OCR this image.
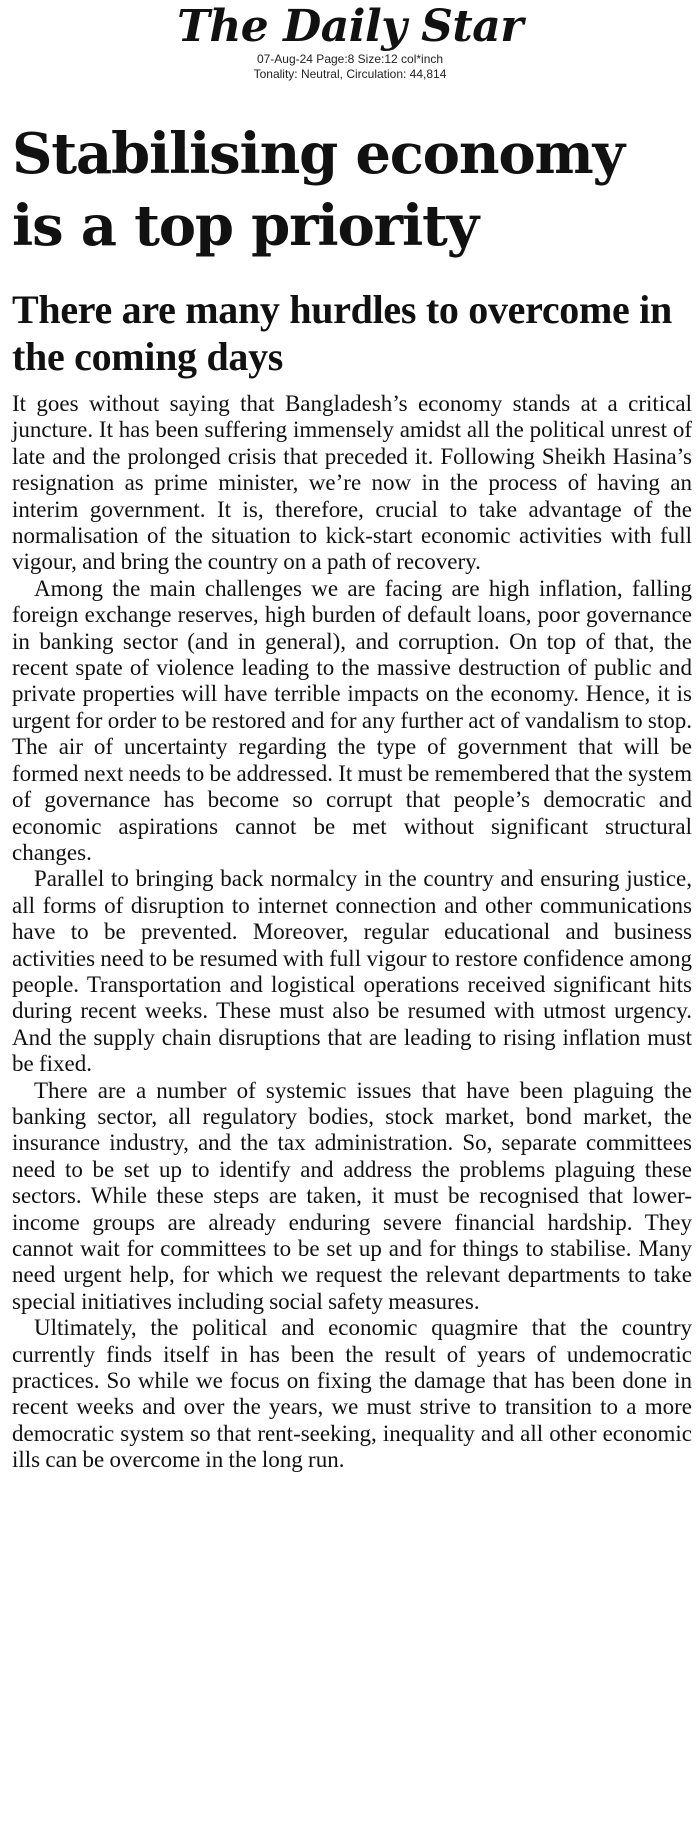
The Daily Star
07-Aug-24 Page:8 Size:12 col*inch
Tonality: Neutral, Circulation: 44,814
Stabilising economy is a top priority
There are many hurdles to overcome in the coming days

It goes without saying that Bangladesh’s economy stands at a critical juncture. It has been suffering immensely amidst all the political unrest of late and the prolonged crisis that preceded it. Following Sheikh Hasina’s resignation as prime minister, we’re now in the process of having an interim government. It is, therefore, crucial to take advantage of the normalisation of the situation to kick-start economic activities with full vigour, and bring the country on a path of recovery.

Among the main challenges we are facing are high inflation, falling foreign exchange reserves, high burden of default loans, poor governance in banking sector (and in general), and corruption. On top of that, the recent spate of violence leading to the massive destruction of public and private properties will have terrible impacts on the economy. Hence, it is urgent for order to be restored and for any further act of vandalism to stop. The air of uncertainty regarding the type of government that will be formed next needs to be addressed. It must be remembered that the system of governance has become so corrupt that people’s democratic and economic aspirations cannot be met without significant structural changes.

Parallel to bringing back normalcy in the country and ensuring justice, all forms of disruption to internet connection and other communications have to be prevented. Moreover, regular educational and business activities need to be resumed with full vigour to restore confidence among people. Transportation and logistical operations received significant hits during recent weeks. These must also be resumed with utmost urgency. And the supply chain disruptions that are leading to rising inflation must be fixed.

There are a number of systemic issues that have been plaguing the banking sector, all regulatory bodies, stock market, bond market, the insurance industry, and the tax administration. So, separate committees need to be set up to identify and address the problems plaguing these sectors. While these steps are taken, it must be recognised that lower-income groups are already enduring severe financial hardship. They cannot wait for committees to be set up and for things to stabilise. Many need urgent help, for which we request the relevant departments to take special initiatives including social safety measures.

Ultimately, the political and economic quagmire that the country currently finds itself in has been the result of years of undemocratic practices. So while we focus on fixing the damage that has been done in recent weeks and over the years, we must strive to transition to a more democratic system so that rent-seeking, inequality and all other economic ills can be overcome in the long run.
